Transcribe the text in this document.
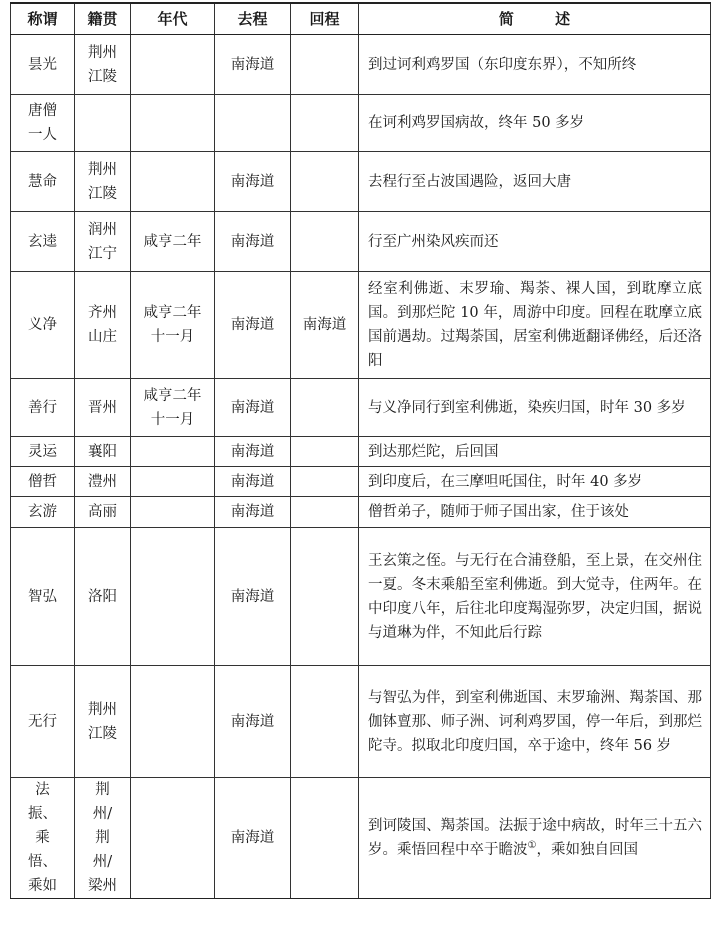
称谓	籍贯	年代	去程	回程	简 述
昙光	荆州江陵		南海道		到过诃利鸡罗国（东印度东界），不知所终
唐僧一人					在诃利鸡罗国病故，终年 50 多岁
慧命	荆州江陵		南海道		去程行至占波国遇险，返回大唐
玄逵	润州江宁	咸亨二年	南海道		行至广州染风疾而还
义净	齐州山庄	咸亨二年十一月	南海道	南海道	经室利佛逝、末罗瑜、羯荼、裸人国，到耽摩立底国。到那烂陀 10 年，周游中印度。回程在耽摩立底国前遇劫。过羯荼国，居室利佛逝翻译佛经，后还洛阳
善行	晋州	咸亨二年十一月	南海道		与义净同行到室利佛逝，染疾归国，时年 30 多岁
灵运	襄阳		南海道		到达那烂陀，后回国
僧哲	澧州		南海道		到印度后，在三摩呾吒国住，时年 40 多岁
玄游	高丽		南海道		僧哲弟子，随师于师子国出家，住于该处
智弘	洛阳		南海道		王玄策之侄。与无行在合浦登船，至上景，在交州住一夏。冬末乘船至室利佛逝。到大觉寺，住两年。在中印度八年，后往北印度羯湿弥罗，决定归国，据说与道琳为伴，不知此后行踪
无行	荆州江陵		南海道		与智弘为伴，到室利佛逝国、末罗瑜洲、羯荼国、那伽钵亶那、师子洲、诃利鸡罗国，停一年后，到那烂陀寺。拟取北印度归国，卒于途中，终年 56 岁
法振、乘悟、乘如	荆州/荆州/梁州		南海道		到诃陵国、羯荼国。法振于途中病故，时年三十五六岁。乘悟回程中卒于瞻波①，乘如独自回国
